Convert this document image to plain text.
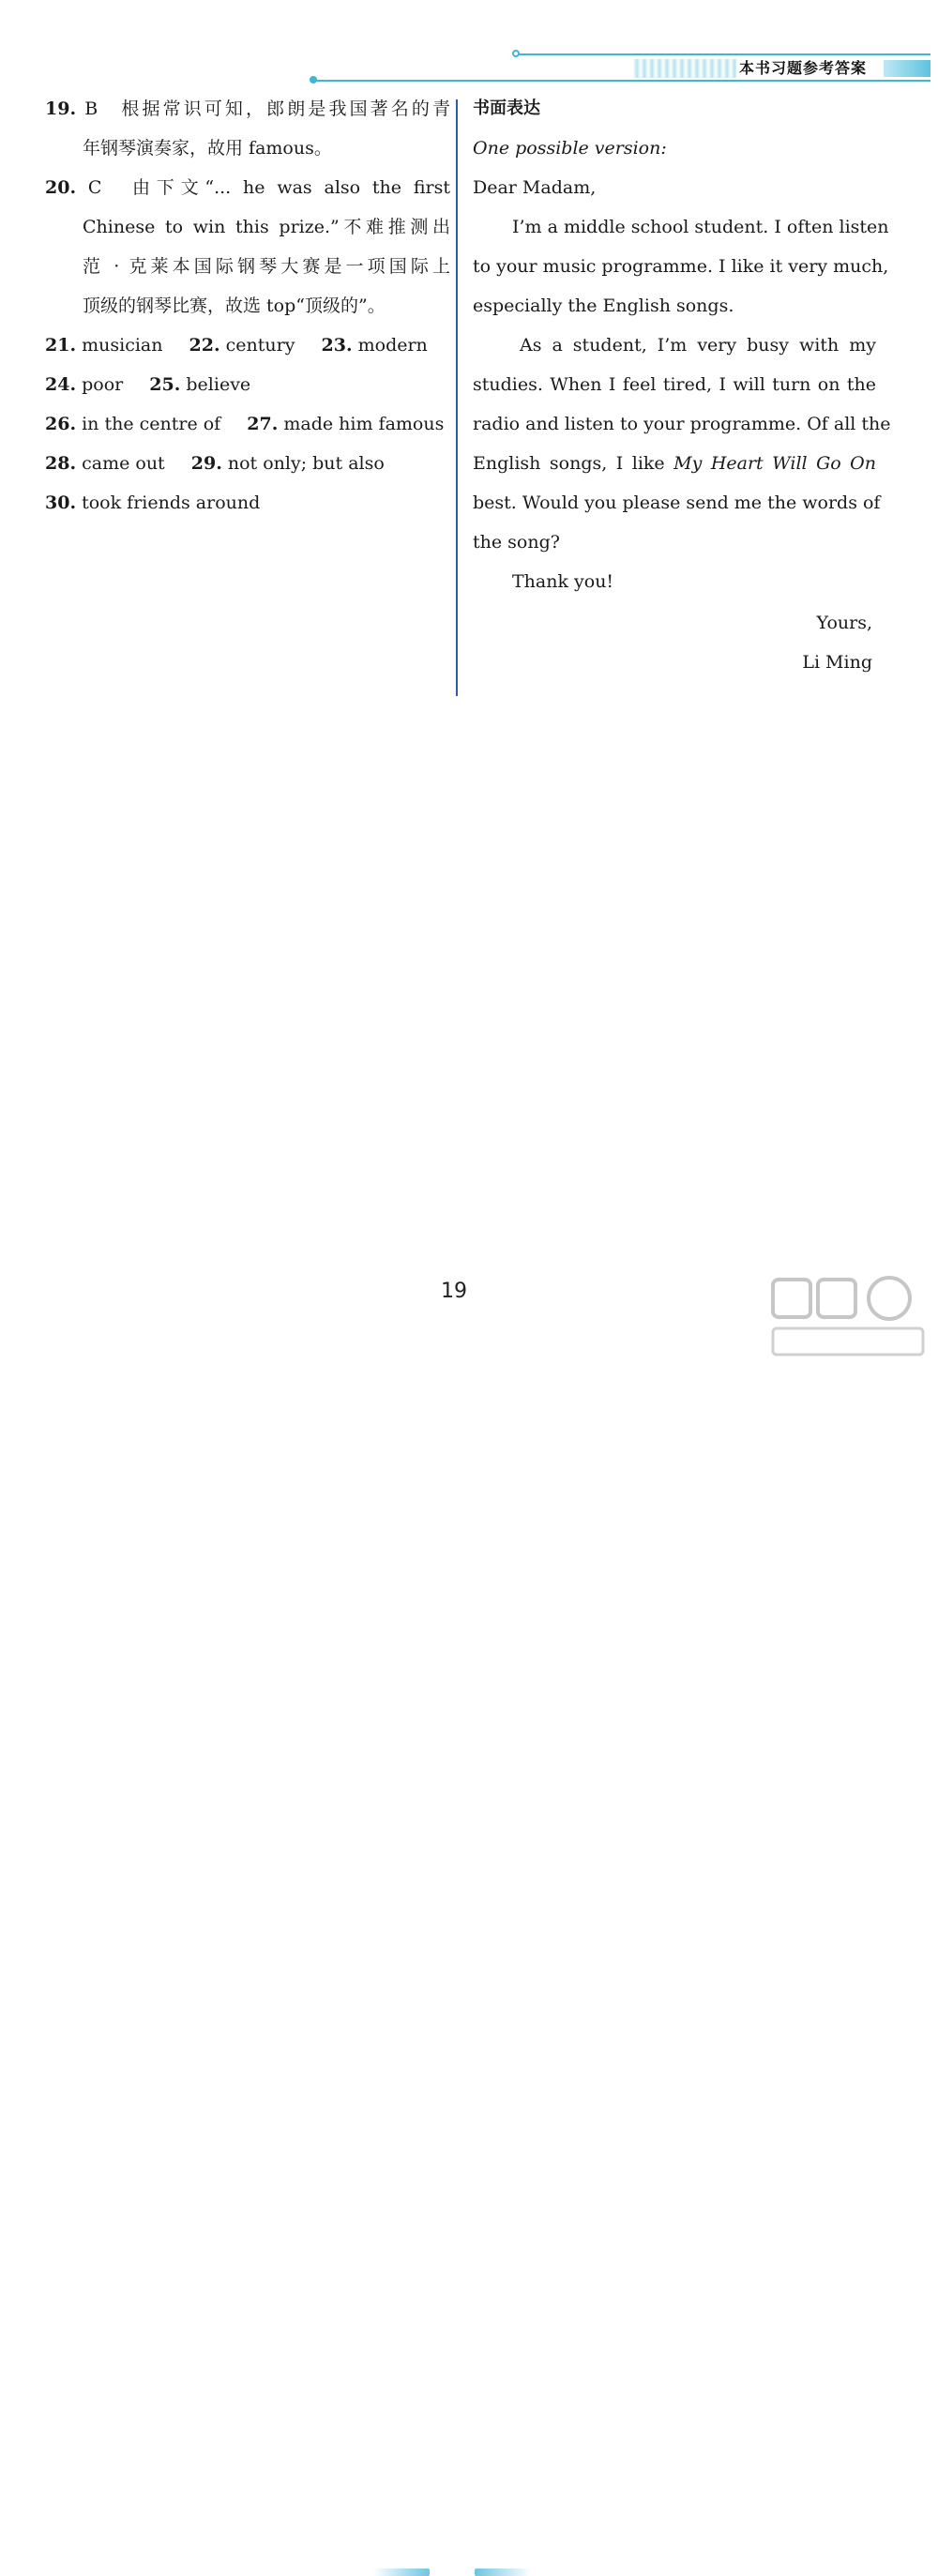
本书习题参考答案
19. B　根据常识可知，郎朗是我国著名的青
年钢琴演奏家，故用 famous。
20. C　由下文“... he was also the first
Chinese to win this prize.”不难推测出
范 · 克莱本国际钢琴大赛是一项国际上
顶级的钢琴比赛，故选 top“顶级的”。
21. musician 22. century 23. modern
24. poor 25. believe
26. in the centre of 27. made him famous
28. came out 29. not only; but also
30. took friends around
书面表达
One possible version:
Dear Madam,
I’m a middle school student. I often listen
to your music programme. I like it very much,
especially the English songs.
As a student, I’m very busy with my
studies. When I feel tired, I will turn on the
radio and listen to your programme. Of all the
English songs, I like My Heart Will Go On
best. Would you please send me the words of
the song?
Thank you!
Yours,
Li Ming
19
